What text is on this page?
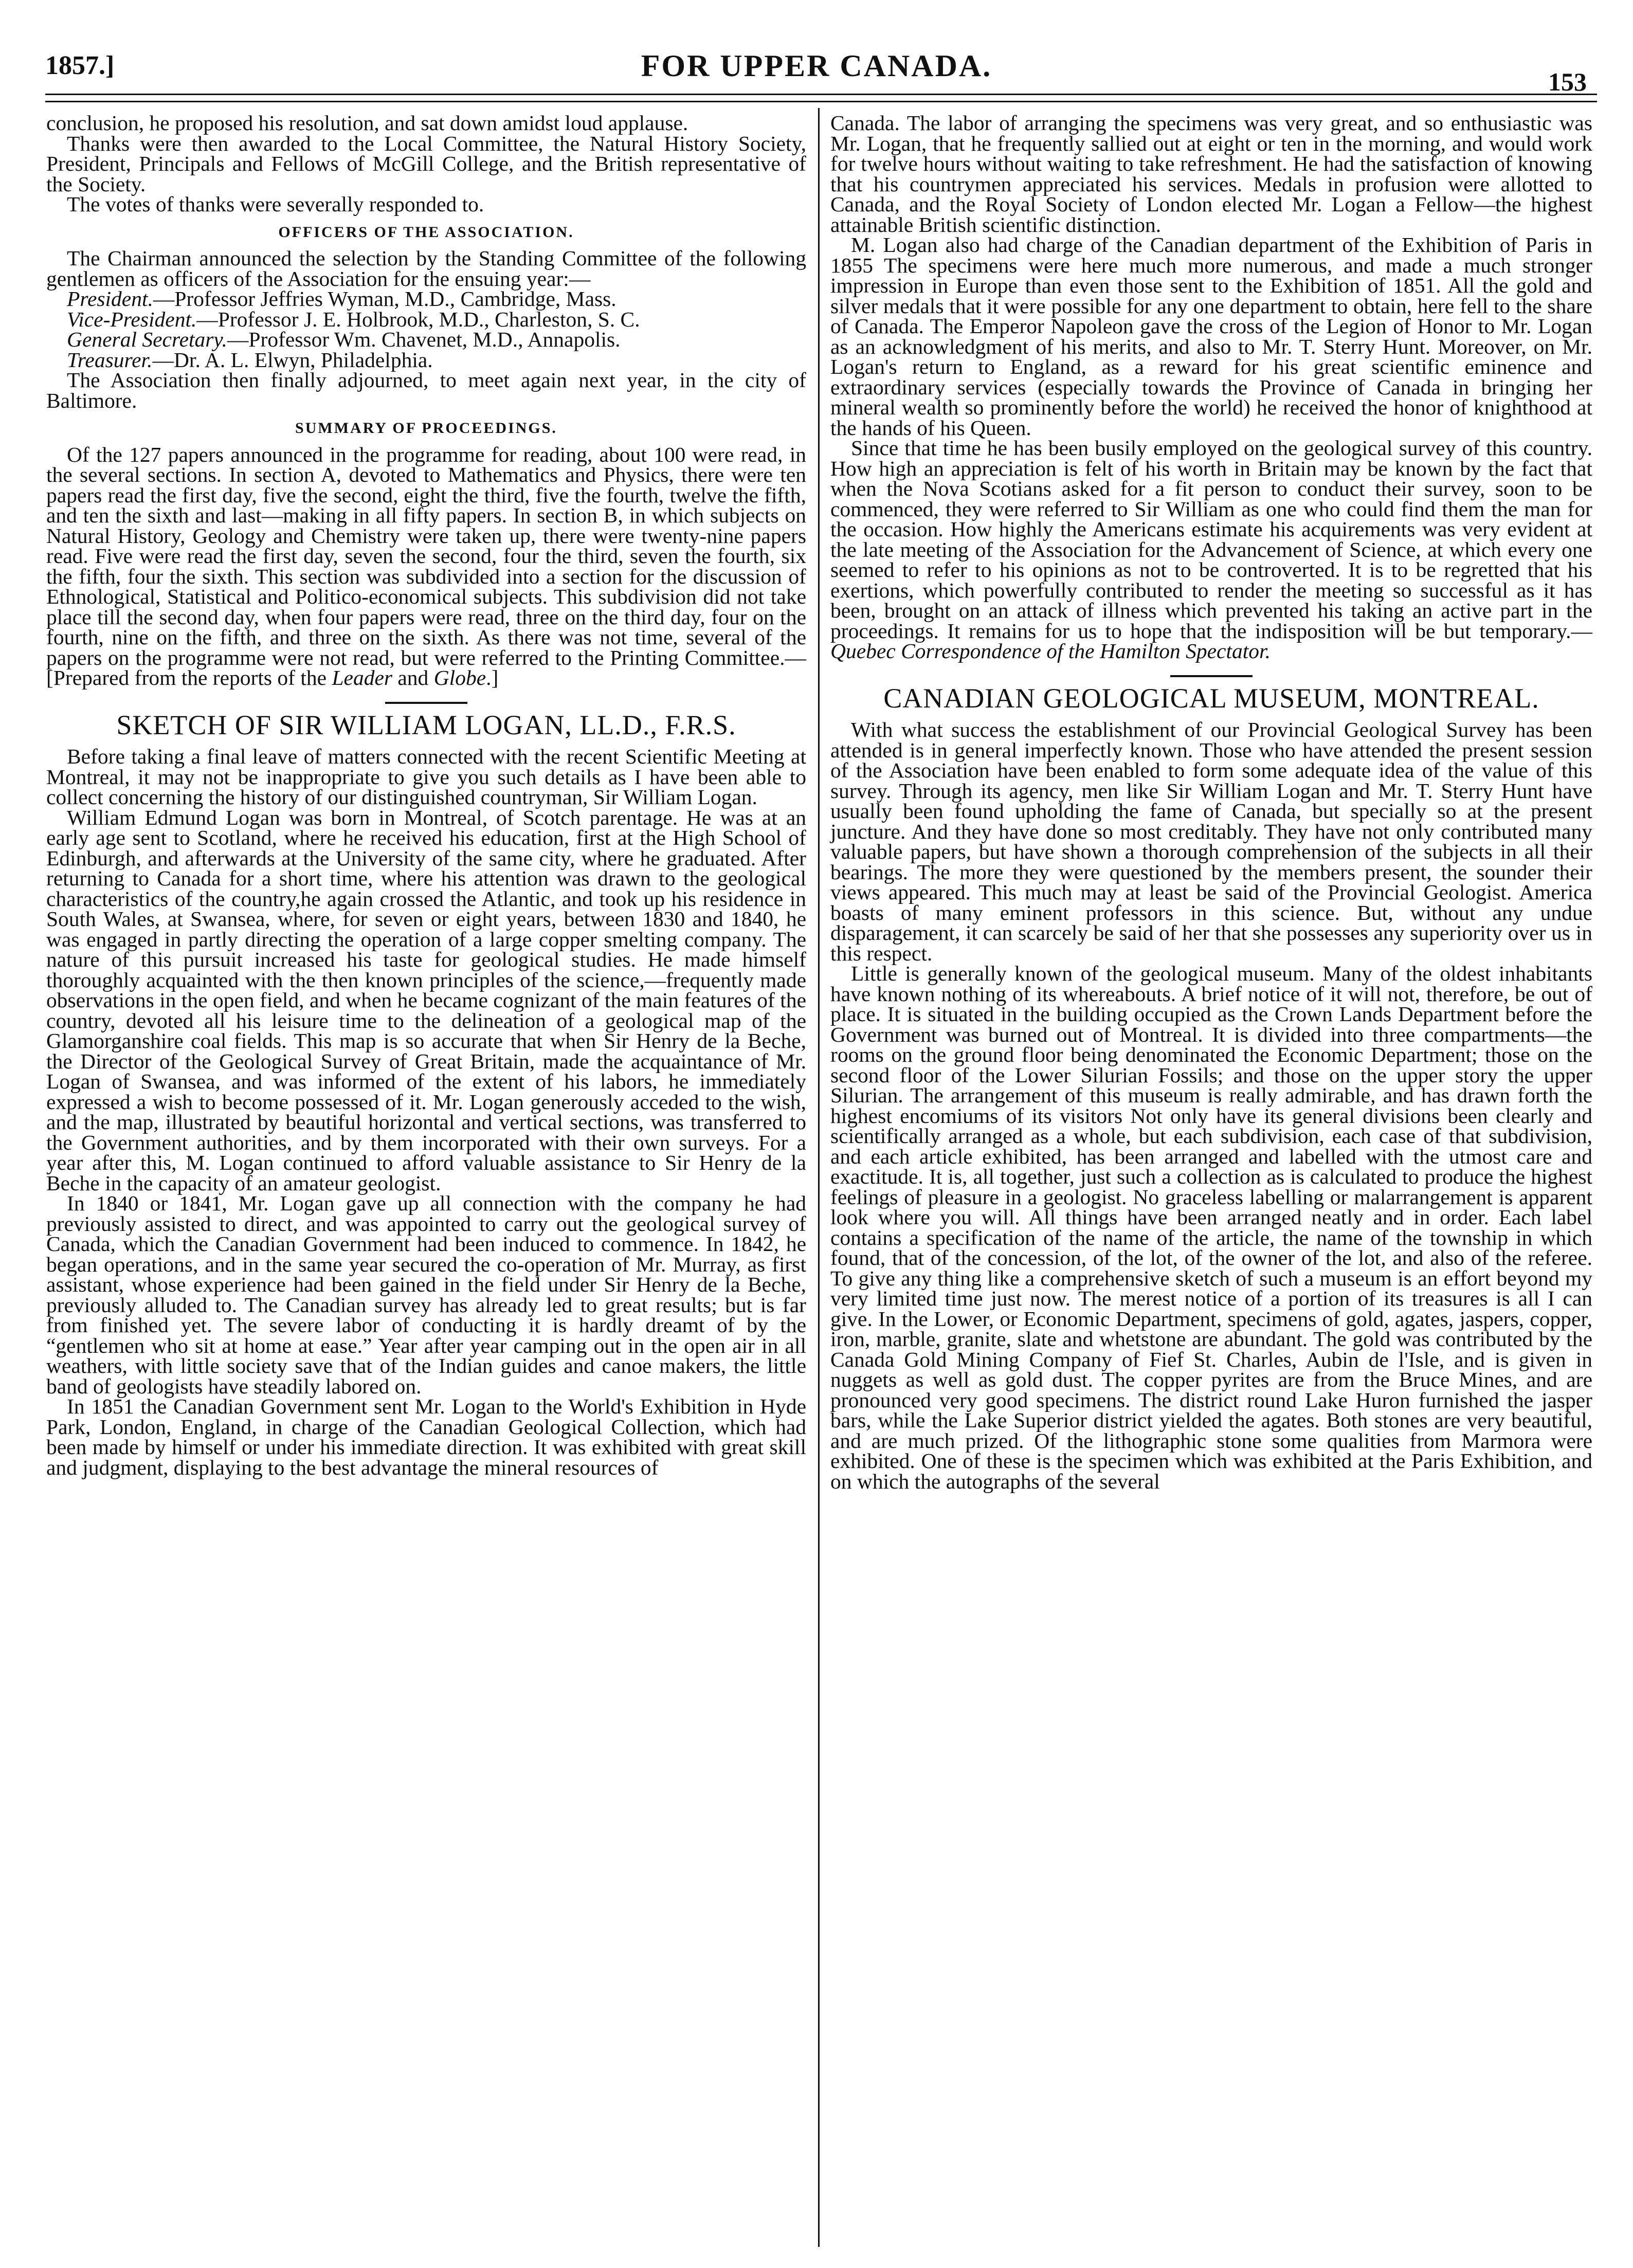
1857.]	FOR UPPER CANADA.	153

conclusion, he proposed his resolution, and sat down amidst loud applause.

Thanks were then awarded to the Local Committee, the Natural History Society, President, Principals and Fellows of McGill College, and the British representative of the Society.

The votes of thanks were severally responded to.

OFFICERS OF THE ASSOCIATION.

The Chairman announced the selection by the Standing Committee of the following gentlemen as officers of the Association for the ensuing year:—

President.—Professor Jeffries Wyman, M.D., Cambridge, Mass.
Vice-President.—Professor J. E. Holbrook, M.D., Charleston, S. C.
General Secretary.—Professor Wm. Chavenet, M.D., Annapolis.
Treasurer.—Dr. A. L. Elwyn, Philadelphia.

The Association then finally adjourned, to meet again next year, in the city of Baltimore.

SUMMARY OF PROCEEDINGS.

Of the 127 papers announced in the programme for reading, about 100 were read, in the several sections. In section A, devoted to Mathematics and Physics, there were ten papers read the first day, five the second, eight the third, five the fourth, twelve the fifth, and ten the sixth and last—making in all fifty papers. In section B, in which subjects on Natural History, Geology and Chemistry were taken up, there were twenty-nine papers read. Five were read the first day, seven the second, four the third, seven the fourth, six the fifth, four the sixth. This section was subdivided into a section for the discussion of Ethnological, Statistical and Politico-economical subjects. This subdivision did not take place till the second day, when four papers were read, three on the third day, four on the fourth, nine on the fifth, and three on the sixth. As there was not time, several of the papers on the programme were not read, but were referred to the Printing Committee.—[Prepared from the reports of the Leader and Globe.]

SKETCH OF SIR WILLIAM LOGAN, LL.D., F.R.S.

Before taking a final leave of matters connected with the recent Scientific Meeting at Montreal, it may not be inappropriate to give you such details as I have been able to collect concerning the history of our distinguished countryman, Sir William Logan.

William Edmund Logan was born in Montreal, of Scotch parentage. He was at an early age sent to Scotland, where he received his education, first at the High School of Edinburgh, and afterwards at the University of the same city, where he graduated. After returning to Canada for a short time, where his attention was drawn to the geological characteristics of the country,he again crossed the Atlantic, and took up his residence in South Wales, at Swansea, where, for seven or eight years, between 1830 and 1840, he was engaged in partly directing the operation of a large copper smelting company. The nature of this pursuit increased his taste for geological studies. He made himself thoroughly acquainted with the then known principles of the science,—frequently made observations in the open field, and when he became cognizant of the main features of the country, devoted all his leisure time to the delineation of a geological map of the Glamorganshire coal fields. This map is so accurate that when Sir Henry de la Beche, the Director of the Geological Survey of Great Britain, made the acquaintance of Mr. Logan of Swansea, and was informed of the extent of his labors, he immediately expressed a wish to become possessed of it. Mr. Logan generously acceded to the wish, and the map, illustrated by beautiful horizontal and vertical sections, was transferred to the Government authorities, and by them incorporated with their own surveys. For a year after this, M. Logan continued to afford valuable assistance to Sir Henry de la Beche in the capacity of an amateur geologist.

In 1840 or 1841, Mr. Logan gave up all connection with the company he had previously assisted to direct, and was appointed to carry out the geological survey of Canada, which the Canadian Government had been induced to commence. In 1842, he began operations, and in the same year secured the co-operation of Mr. Murray, as first assistant, whose experience had been gained in the field under Sir Henry de la Beche, previously alluded to. The Canadian survey has already led to great results; but is far from finished yet. The severe labor of conducting it is hardly dreamt of by the “gentlemen who sit at home at ease.” Year after year camping out in the open air in all weathers, with little society save that of the Indian guides and canoe makers, the little band of geologists have steadily labored on.

In 1851 the Canadian Government sent Mr. Logan to the World's Exhibition in Hyde Park, London, England, in charge of the Canadian Geological Collection, which had been made by himself or under his immediate direction. It was exhibited with great skill and judgment, displaying to the best advantage the mineral resources of

Canada. The labor of arranging the specimens was very great, and so enthusiastic was Mr. Logan, that he frequently sallied out at eight or ten in the morning, and would work for twelve hours without waiting to take refreshment. He had the satisfaction of knowing that his countrymen appreciated his services. Medals in profusion were allotted to Canada, and the Royal Society of London elected Mr. Logan a Fellow—the highest attainable British scientific distinction.

M. Logan also had charge of the Canadian department of the Exhibition of Paris in 1855 The specimens were here much more numerous, and made a much stronger impression in Europe than even those sent to the Exhibition of 1851. All the gold and silver medals that it were possible for any one department to obtain, here fell to the share of Canada. The Emperor Napoleon gave the cross of the Legion of Honor to Mr. Logan as an acknowledgment of his merits, and also to Mr. T. Sterry Hunt. Moreover, on Mr. Logan's return to England, as a reward for his great scientific eminence and extraordinary services (especially towards the Province of Canada in bringing her mineral wealth so prominently before the world) he received the honor of knighthood at the hands of his Queen.

Since that time he has been busily employed on the geological survey of this country. How high an appreciation is felt of his worth in Britain may be known by the fact that when the Nova Scotians asked for a fit person to conduct their survey, soon to be commenced, they were referred to Sir William as one who could find them the man for the occasion. How highly the Americans estimate his acquirements was very evident at the late meeting of the Association for the Advancement of Science, at which every one seemed to refer to his opinions as not to be controverted. It is to be regretted that his exertions, which powerfully contributed to render the meeting so successful as it has been, brought on an attack of illness which prevented his taking an active part in the proceedings. It remains for us to hope that the indisposition will be but temporary.—Quebec Correspondence of the Hamilton Spectator.

CANADIAN GEOLOGICAL MUSEUM, MONTREAL.

With what success the establishment of our Provincial Geological Survey has been attended is in general imperfectly known. Those who have attended the present session of the Association have been enabled to form some adequate idea of the value of this survey. Through its agency, men like Sir William Logan and Mr. T. Sterry Hunt have usually been found upholding the fame of Canada, but specially so at the present juncture. And they have done so most creditably. They have not only contributed many valuable papers, but have shown a thorough comprehension of the subjects in all their bearings. The more they were questioned by the members present, the sounder their views appeared. This much may at least be said of the Provincial Geologist. America boasts of many eminent professors in this science. But, without any undue disparagement, it can scarcely be said of her that she possesses any superiority over us in this respect.

Little is generally known of the geological museum. Many of the oldest inhabitants have known nothing of its whereabouts. A brief notice of it will not, therefore, be out of place. It is situated in the building occupied as the Crown Lands Department before the Government was burned out of Montreal. It is divided into three compartments—the rooms on the ground floor being denominated the Economic Department; those on the second floor of the Lower Silurian Fossils; and those on the upper story the upper Silurian. The arrangement of this museum is really admirable, and has drawn forth the highest encomiums of its visitors Not only have its general divisions been clearly and scientifically arranged as a whole, but each subdivision, each case of that subdivision, and each article exhibited, has been arranged and labelled with the utmost care and exactitude. It is, all together, just such a collection as is calculated to produce the highest feelings of pleasure in a geologist. No graceless labelling or malarrangement is apparent look where you will. All things have been arranged neatly and in order. Each label contains a specification of the name of the article, the name of the township in which found, that of the concession, of the lot, of the owner of the lot, and also of the referee. To give any thing like a comprehensive sketch of such a museum is an effort beyond my very limited time just now. The merest notice of a portion of its treasures is all I can give. In the Lower, or Economic Department, specimens of gold, agates, jaspers, copper, iron, marble, granite, slate and whetstone are abundant. The gold was contributed by the Canada Gold Mining Company of Fief St. Charles, Aubin de l'Isle, and is given in nuggets as well as gold dust. The copper pyrites are from the Bruce Mines, and are pronounced very good specimens. The district round Lake Huron furnished the jasper bars, while the Lake Superior district yielded the agates. Both stones are very beautiful, and are much prized. Of the lithographic stone some qualities from Marmora were exhibited. One of these is the specimen which was exhibited at the Paris Exhibition, and on which the autographs of the several
